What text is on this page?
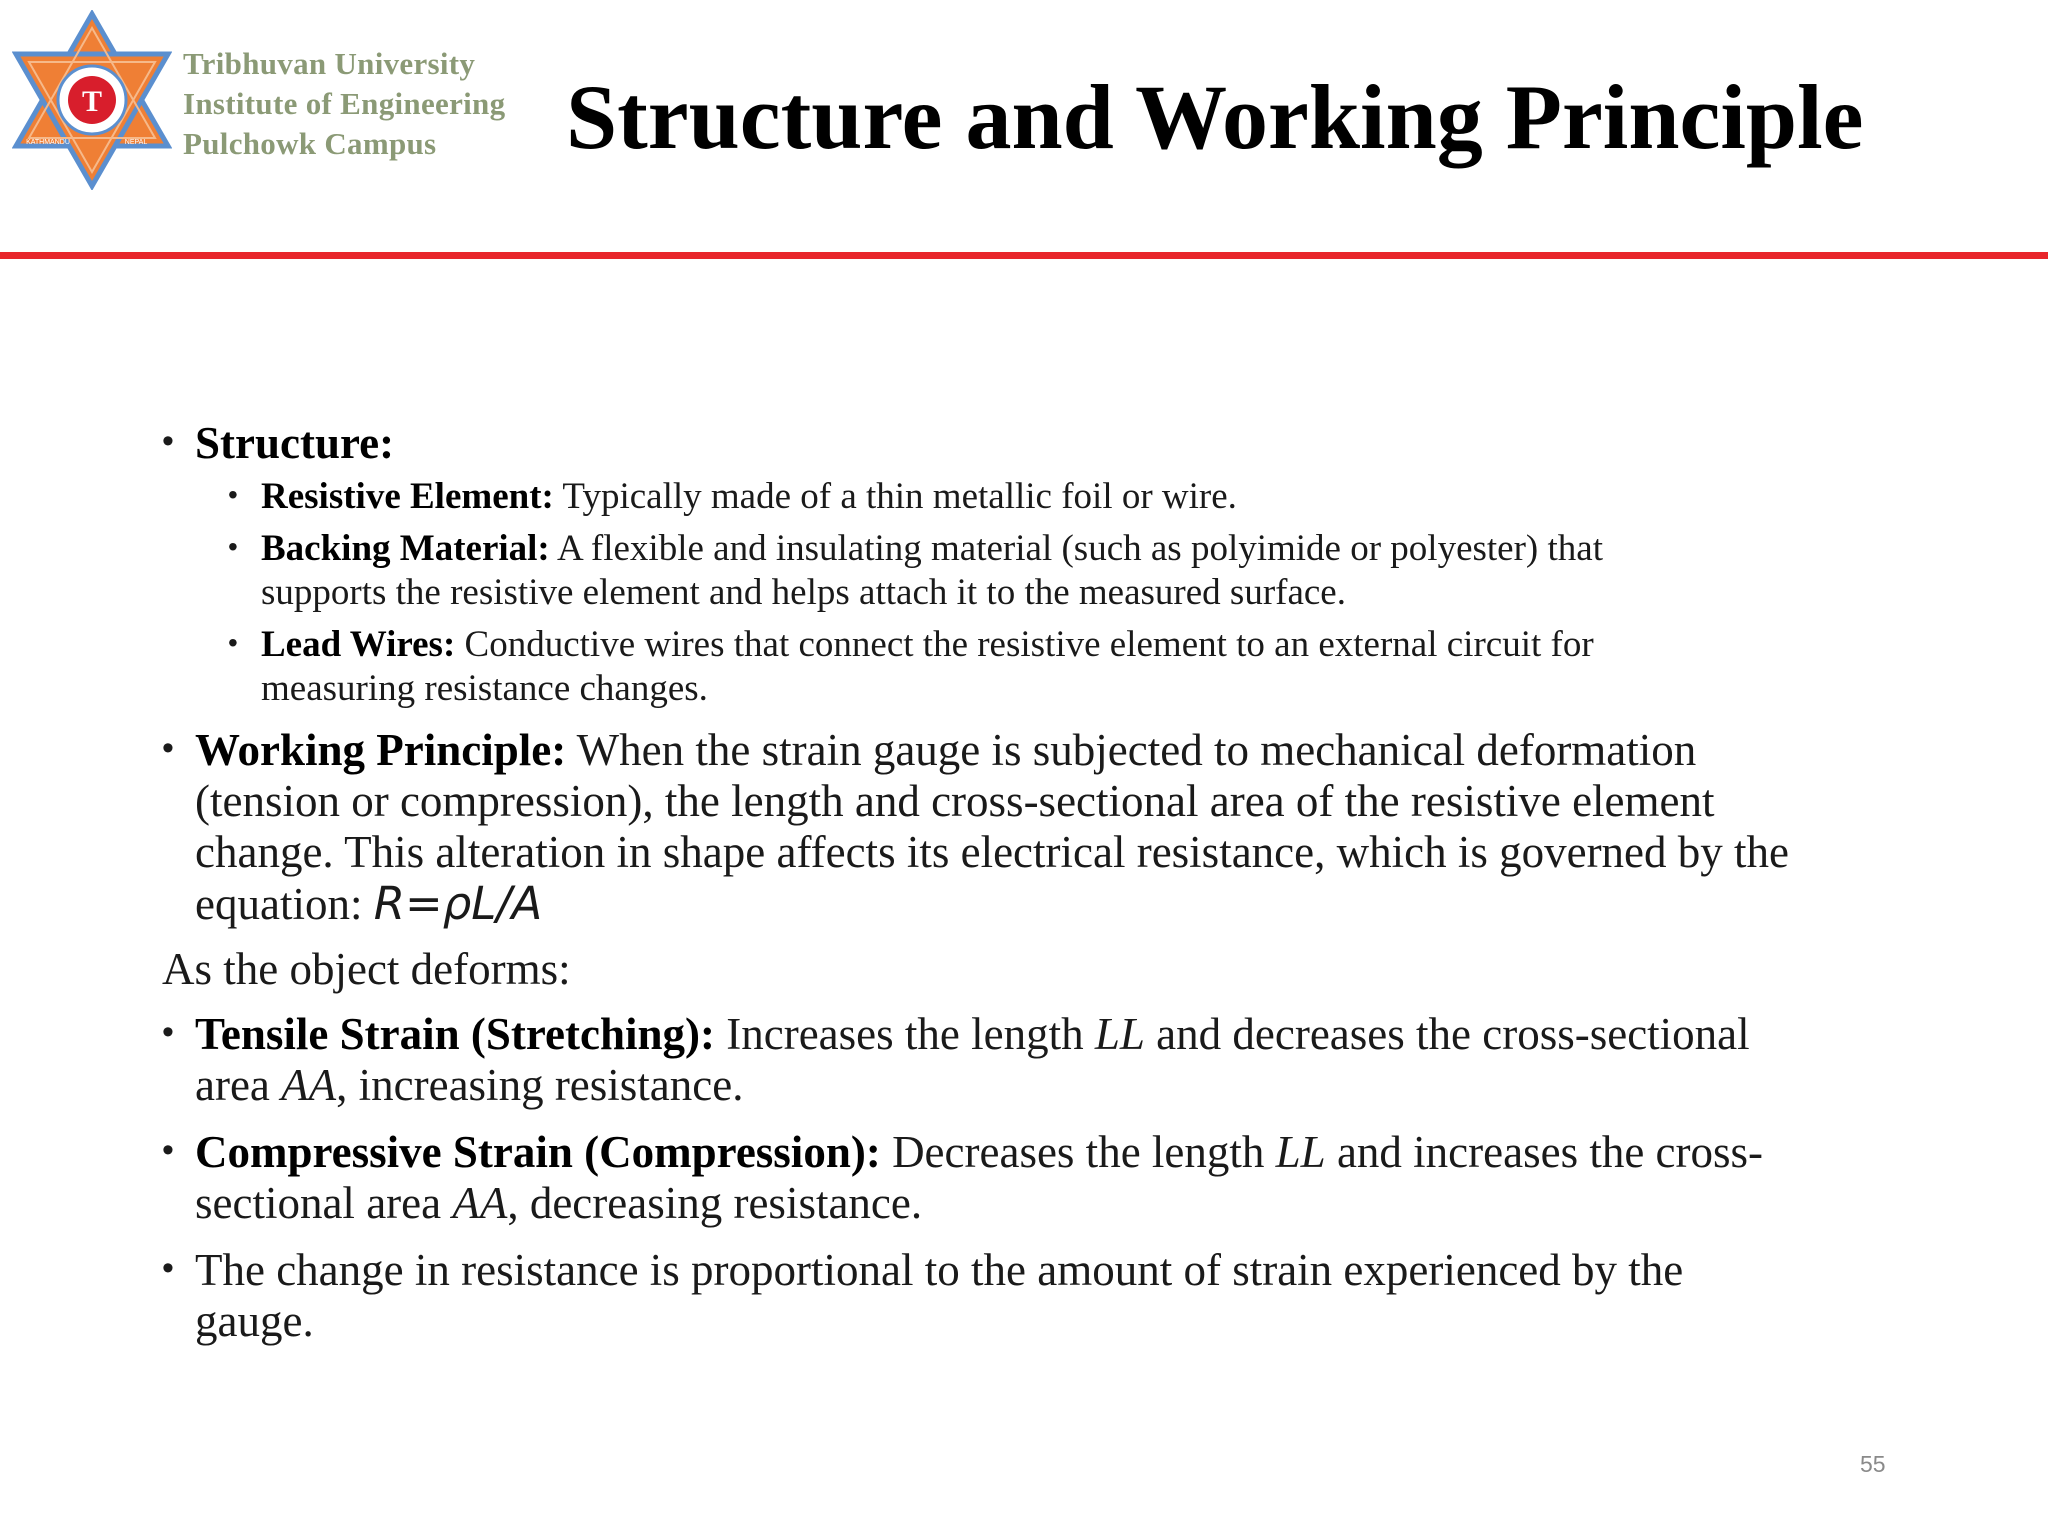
T
KATHMANDU	NEPAL
Tribhuvan University
Institute of Engineering
Pulchowk Campus	Structure and Working Principle
• Structure:
• Resistive Element: Typically made of a thin metallic foil or wire.
• Backing Material: A flexible and insulating material (such as polyimide or polyester) that
supports the resistive element and helps attach it to the measured surface.
• Lead Wires: Conductive wires that connect the resistive element to an external circuit for
measuring resistance changes.
• Working Principle: When the strain gauge is subjected to mechanical deformation
(tension or compression), the length and cross-sectional area of the resistive element
change. This alteration in shape affects its electrical resistance, which is governed by the
equation: R=ρL/A
As the object deforms:
• Tensile Strain (Stretching): Increases the length LL and decreases the cross-sectional
area AA, increasing resistance.
• Compressive Strain (Compression): Decreases the length LL and increases the cross-
sectional area AA, decreasing resistance.
• The change in resistance is proportional to the amount of strain experienced by the
gauge.
55
